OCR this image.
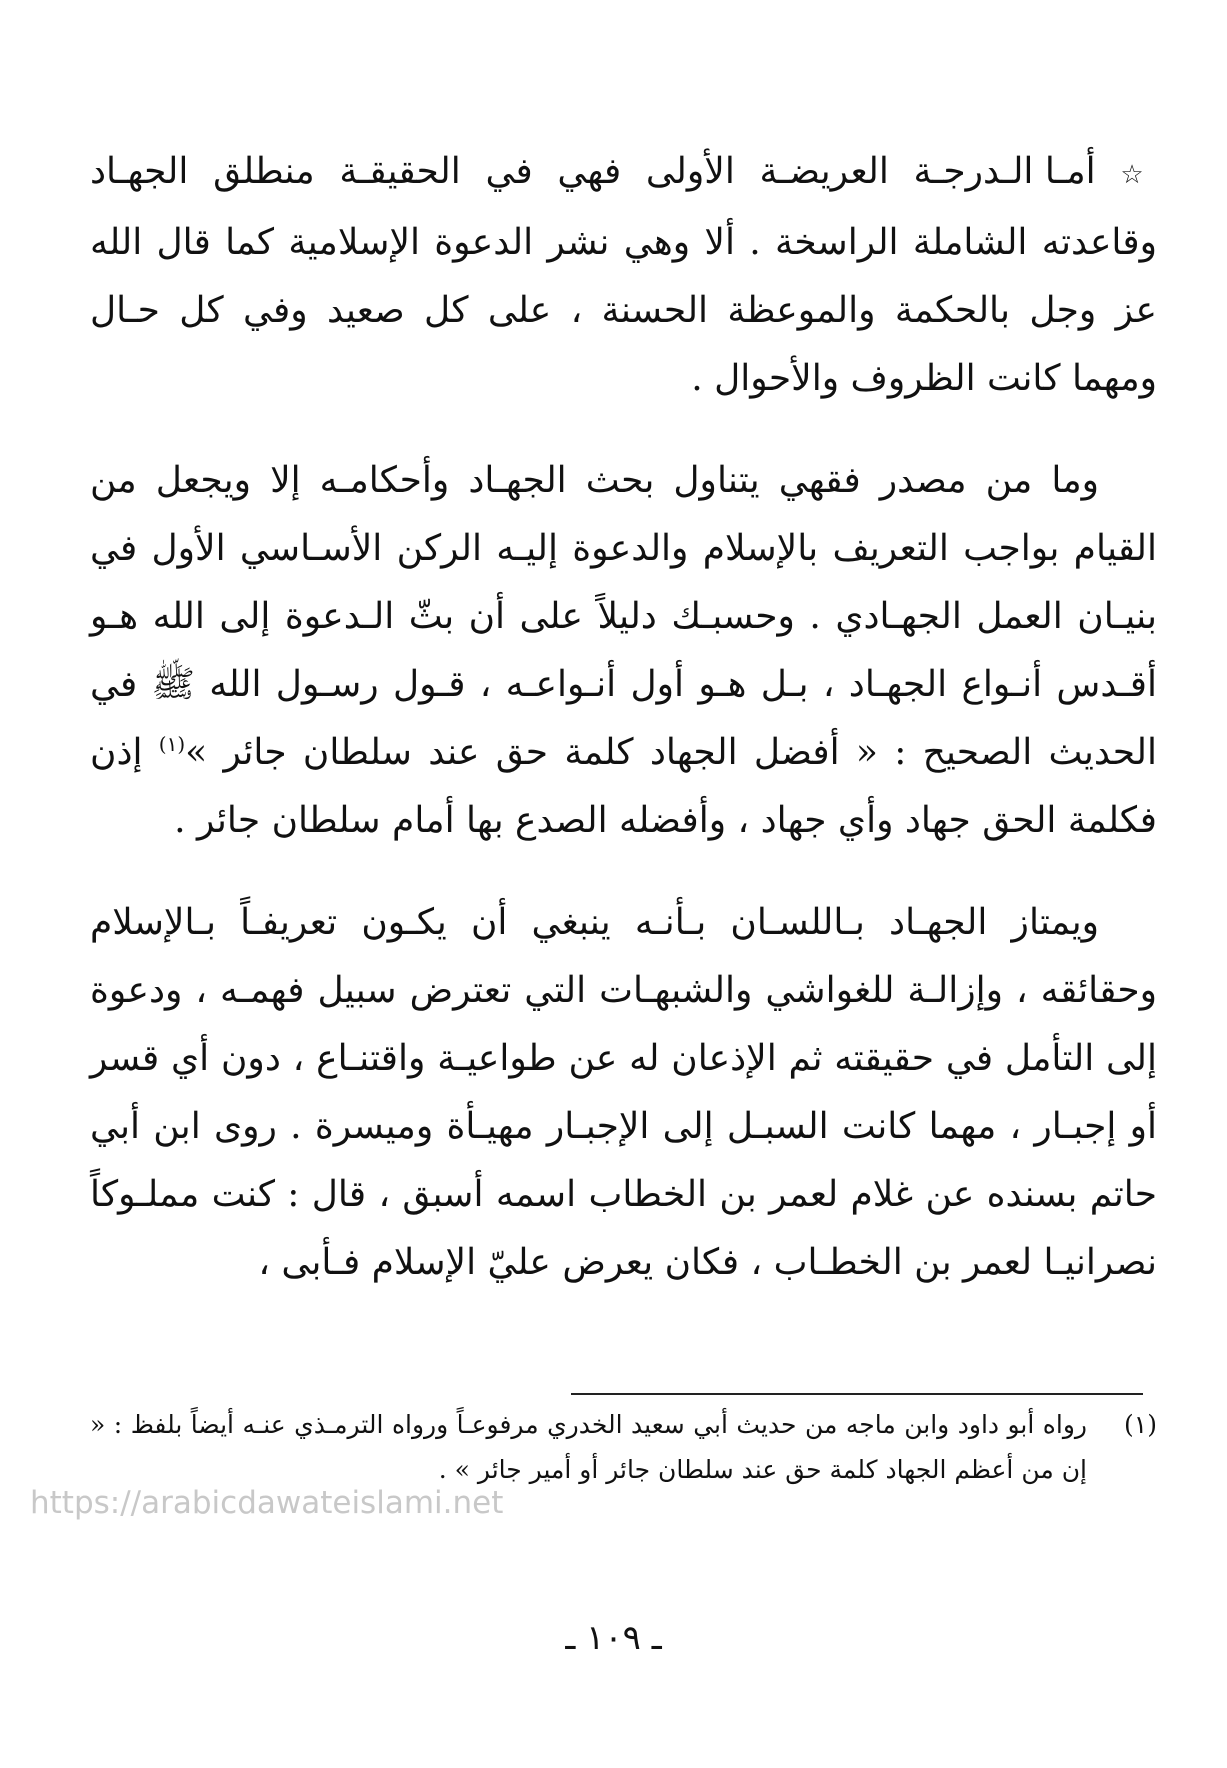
☆ أمـا الـدرجـة العريضـة الأولى فهي في الحقيقـة منطلق الجهـاد وقاعدته الشاملة الراسخة . ألا وهي نشر الدعوة الإسلامية كما قال الله عز وجل بالحكمة والموعظة الحسنة ، على كل صعيد وفي كل حـال ومهما كانت الظروف والأحوال .

وما من مصدر فقهي يتناول بحث الجهـاد وأحكامـه إلا ويجعل من القيام بواجب التعريف بالإسلام والدعوة إليـه الركن الأسـاسي الأول في بنيـان العمل الجهـادي . وحسبـك دليلاً على أن بثّ الـدعوة إلى الله هـو أقـدس أنـواع الجهـاد ، بـل هـو أول أنـواعـه ، قـول رسـول الله ﷺ في الحديث الصحيح : « أفضل الجهاد كلمة حق عند سلطان جائر »$^{(١)}$ إذن فكلمة الحق جهاد وأي جهاد ، وأفضله الصدع بها أمام سلطان جائر .

ويمتاز الجهـاد بـاللسـان بـأنـه ينبغي أن يكـون تعريفـاً بـالإسلام وحقائقه ، وإزالـة للغواشي والشبهـات التي تعترض سبيل فهمـه ، ودعوة إلى التأمل في حقيقته ثم الإذعان له عن طواعيـة واقتنـاع ، دون أي قسر أو إجبـار ، مهما كانت السبـل إلى الإجبـار مهيـأة وميسرة . روى ابن أبي حاتم بسنده عن غلام لعمر بن الخطاب اسمه أسبق ، قال : كنت مملـوكاً نصرانيـا لعمر بن الخطـاب ، فكان يعرض عليّ الإسلام فـأبى ،

(١)
رواه أبو داود وابن ماجه من حديث أبي سعيد الخدري مرفوعـاً ورواه الترمـذي عنـه أيضاً بلفظ : « إن من أعظم الجهاد كلمة حق عند سلطان جائر أو أمير جائر » .
https://arabicdawateislami.net
ـ ١٠٩ ـ
